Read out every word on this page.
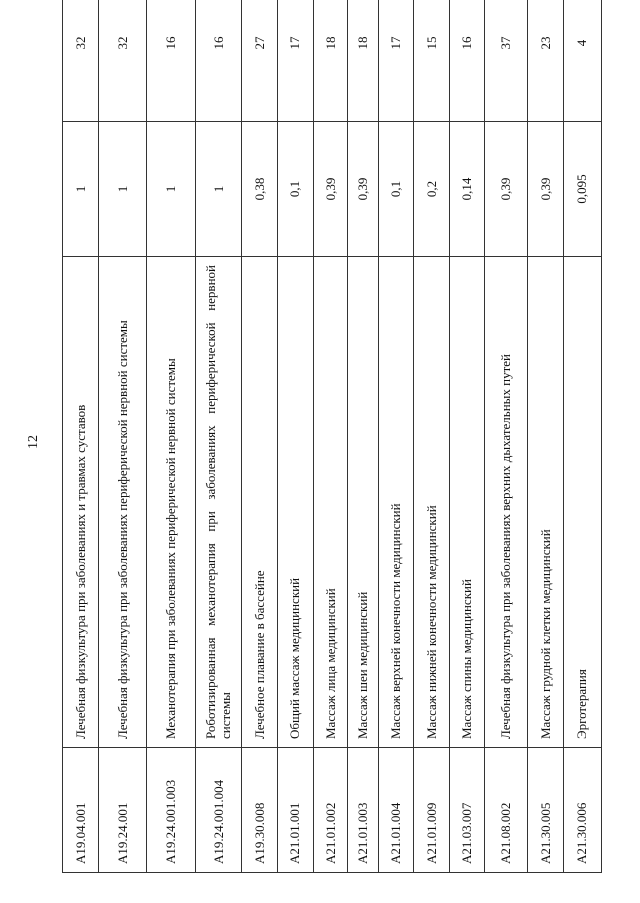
12
A19.04.001	Лечебная физкультура при заболеваниях и травмах суставов	1	32
A19.24.001	Лечебная физкультура при заболеваниях периферической нервной системы	1	32
A19.24.001.003	Механотерапия при заболеваниях периферической нервной системы	1	16
A19.24.001.004	Роботизированная механотерапия при заболеваниях периферической нервной системы	1	16
A19.30.008	Лечебное плавание в бассейне	0,38	27
A21.01.001	Общий массаж медицинский	0,1	17
A21.01.002	Массаж лица медицинский	0,39	18
A21.01.003	Массаж шеи медицинский	0,39	18
A21.01.004	Массаж верхней конечности медицинский	0,1	17
A21.01.009	Массаж нижней конечности медицинский	0,2	15
A21.03.007	Массаж спины медицинский	0,14	16
A21.08.002	Лечебная физкультура при заболеваниях верхних дыхательных путей	0,39	37
A21.30.005	Массаж грудной клетки медицинский	0,39	23
A21.30.006	Эрготерапия	0,095	4
